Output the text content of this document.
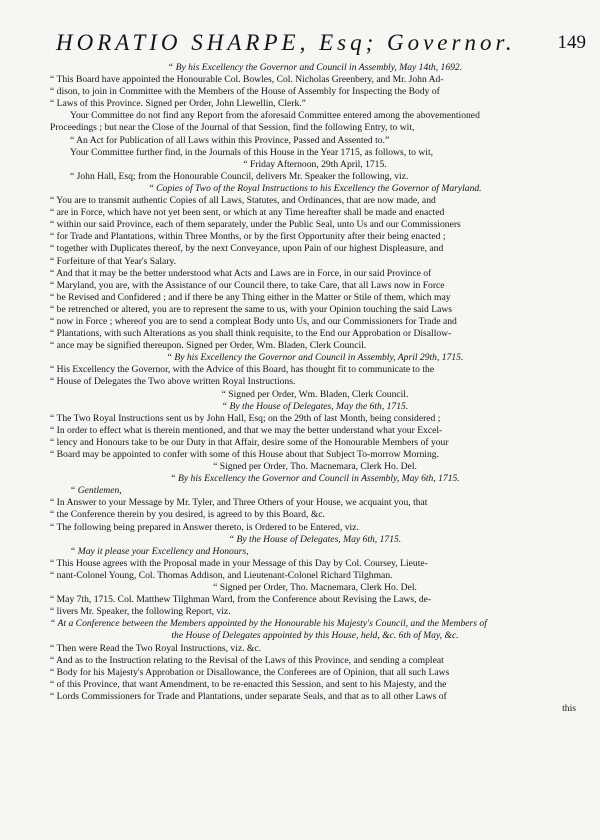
HORATIO SHARPE, Esq; Governor. 149
“ By his Excellency the Governor and Council in Assembly, May 14th, 1692.
“ This Board have appointed the Honourable Col. Bowles, Col. Nicholas Greenbery, and Mr. John Ad-
“ dison, to join in Committee with the Members of the House of Assembly for Inspecting the Body of
“ Laws of this Province. Signed per Order, John Llewellin, Clerk.”
Your Committee do not find any Report from the aforesaid Committee entered among the abovementioned
Proceedings ; but near the Close of the Journal of that Session, find the following Entry, to wit,
“ An Act for Publication of all Laws within this Province, Passed and Assented to.”
Your Committee further find, in the Journals of this House in the Year 1715, as follows, to wit,
“ Friday Afternoon, 29th April, 1715.
“ John Hall, Esq; from the Honourable Council, delivers Mr. Speaker the following, viz.
“ Copies of Two of the Royal Instructions to his Excellency the Governor of Maryland.
“ You are to transmit authentic Copies of all Laws, Statutes, and Ordinances, that are now made, and
“ are in Force, which have not yet been sent, or which at any Time hereafter shall be made and enacted
“ within our said Province, each of them separately, under the Public Seal, unto Us and our Commissioners
“ for Trade and Plantations, within Three Months, or by the first Opportunity after their being enacted ;
“ together with Duplicates thereof, by the next Conveyance, upon Pain of our highest Displeasure, and
“ Forfeiture of that Year's Salary.
“ And that it may be the better understood what Acts and Laws are in Force, in our said Province of
“ Maryland, you are, with the Assistance of our Council there, to take Care, that all Laws now in Force
“ be Revised and Confidered ; and if there be any Thing either in the Matter or Stile of them, which may
“ be retrenched or altered, you are to represent the same to us, with your Opinion touching the said Laws
“ now in Force ; whereof you are to send a compleat Body unto Us, and our Commissioners for Trade and
“ Plantations, with such Alterations as you shall think requisite, to the End our Approbation or Disallow-
“ ance may be signified thereupon. Signed per Order, Wm. Bladen, Clerk Council.
“ By his Excellency the Governor and Council in Assembly, April 29th, 1715.
“ His Excellency the Governor, with the Advice of this Board, has thought fit to communicate to the
“ House of Delegates the Two above written Royal Instructions.
“ Signed per Order, Wm. Bladen, Clerk Council.
“ By the House of Delegates, May the 6th, 1715.
“ The Two Royal Instructions sent us by John Hall, Esq; on the 29th of last Month, being considered ;
“ In order to effect what is therein mentioned, and that we may the better understand what your Excel-
“ lency and Honours take to be our Duty in that Affair, desire some of the Honourable Members of your
“ Board may be appointed to confer with some of this House about that Subject To-morrow Morning.
“ Signed per Order, Tho. Macnemara, Clerk Ho. Del.
“ By his Excellency the Governor and Council in Assembly, May 6th, 1715.
“ Gentlemen,
“ In Answer to your Message by Mr. Tyler, and Three Others of your House, we acquaint you, that
“ the Conference therein by you desired, is agreed to by this Board, &c.
“ The following being prepared in Answer thereto, is Ordered to be Entered, viz.
“ By the House of Delegates, May 6th, 1715.
“ May it please your Excellency and Honours,
“ This House agrees with the Proposal made in your Message of this Day by Col. Coursey, Lieute-
“ nant-Colonel Young, Col. Thomas Addison, and Lieutenant-Colonel Richard Tilghman.
“ Signed per Order, Tho. Macnemara, Clerk Ho. Del.
“ May 7th, 1715. Col. Matthew Tilghman Ward, from the Conference about Revising the Laws, de-
“ livers Mr. Speaker, the following Report, viz.
“ At a Conference between the Members appointed by the Honourable his Majesty's Council, and the Members of
the House of Delegates appointed by this House, held, &c. 6th of May, &c.
“ Then were Read the Two Royal Instructions, viz. &c.
“ And as to the Instruction relating to the Revisal of the Laws of this Province, and sending a compleat
“ Body for his Majesty's Approbation or Disallowance, the Conferees are of Opinion, that all such Laws
“ of this Province, that want Amendment, to be re-enacted this Session, and sent to his Majesty, and the
“ Lords Commissioners for Trade and Plantations, under separate Seals, and that as to all other Laws of
this
